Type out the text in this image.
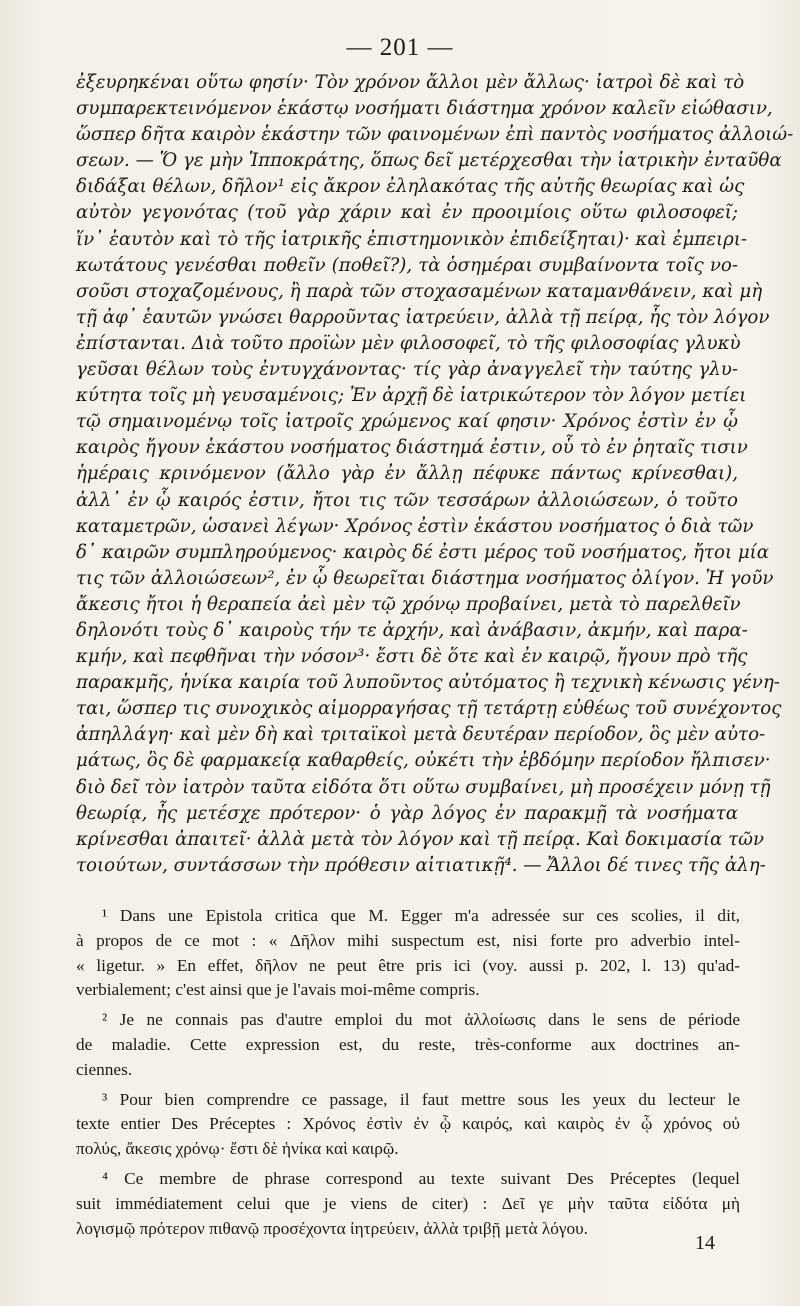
— 201 —
ἐξευρηκέναι οὕτω φησίν· Τὸν χρόνον ἄλλοι μὲν ἄλλως· ἰατροὶ δὲ καὶ τὸ
συμπαρεκτεινόμενον ἑκάστῳ νοσήματι διάστημα χρόνον καλεῖν εἰώθασιν,
ὥσπερ δῆτα καιρὸν ἑκάστην τῶν φαινομένων ἐπὶ παντὸς νοσήματος ἀλλοιώ-
σεων. — Ὅ γε μὴν Ἱπποκράτης, ὅπως δεῖ μετέρχεσθαι τὴν ἰατρικὴν ἐνταῦθα
διδάξαι θέλων, δῆλον¹ εἰς ἄκρον ἐληλακότας τῆς αὐτῆς θεωρίας καὶ ὡς
αὐτὸν γεγονότας (τοῦ γὰρ χάριν καὶ ἐν προοιμίοις οὕτω φιλοσοφεῖ;
ἵν᾽ ἑαυτὸν καὶ τὸ τῆς ἰατρικῆς ἐπιστημονικὸν ἐπιδείξηται)· καὶ ἐμπειρι-
κωτάτους γενέσθαι ποθεῖν (ποθεῖ?), τὰ ὁσημέραι συμβαίνοντα τοῖς νο-
σοῦσι στοχαζομένους, ἢ παρὰ τῶν στοχασαμένων καταμανθάνειν, καὶ μὴ
τῇ ἀφ᾽ ἑαυτῶν γνώσει θαρροῦντας ἰατρεύειν, ἀλλὰ τῇ πείρᾳ, ἧς τὸν λόγον
ἐπίστανται. Διὰ τοῦτο προϊὼν μὲν φιλοσοφεῖ, τὸ τῆς φιλοσοφίας γλυκὺ
γεῦσαι θέλων τοὺς ἐντυγχάνοντας· τίς γὰρ ἀναγγελεῖ τὴν ταύτης γλυ-
κύτητα τοῖς μὴ γευσαμένοις; Ἐν ἀρχῇ δὲ ἰατρικώτερον τὸν λόγον μετίει
τῷ σημαινομένῳ τοῖς ἰατροῖς χρώμενος καί φησιν· Χρόνος ἐστὶν ἐν ᾧ
καιρὸς ἤγουν ἑκάστου νοσήματος διάστημά ἐστιν, οὗ τὸ ἐν ῥηταῖς τισιν
ἡμέραις κρινόμενον (ἄλλο γὰρ ἐν ἄλλῃ πέφυκε πάντως κρίνεσθαι),
ἀλλ᾽ ἐν ᾧ καιρός ἐστιν, ἤτοι τις τῶν τεσσάρων ἀλλοιώσεων, ὁ τοῦτο
καταμετρῶν, ὡσανεὶ λέγων· Χρόνος ἐστὶν ἑκάστου νοσήματος ὁ διὰ τῶν
δ᾽ καιρῶν συμπληρούμενος· καιρὸς δέ ἐστι μέρος τοῦ νοσήματος, ἤτοι μία
τις τῶν ἀλλοιώσεων², ἐν ᾧ θεωρεῖται διάστημα νοσήματος ὀλίγον. Ἡ γοῦν
ἄκεσις ἤτοι ἡ θεραπεία ἀεὶ μὲν τῷ χρόνῳ προβαίνει, μετὰ τὸ παρελθεῖν
δηλονότι τοὺς δ᾽ καιροὺς τήν τε ἀρχήν, καὶ ἀνάβασιν, ἀκμήν, καὶ παρα-
κμήν, καὶ πεφθῆναι τὴν νόσον³· ἔστι δὲ ὅτε καὶ ἐν καιρῷ, ἤγουν πρὸ τῆς
παρακμῆς, ἡνίκα καιρία τοῦ λυποῦντος αὐτόματος ἢ τεχνικὴ κένωσις γένη-
ται, ὥσπερ τις συνοχικὸς αἱμορραγήσας τῇ τετάρτῃ εὐθέως τοῦ συνέχοντος
ἀπηλλάγη· καὶ μὲν δὴ καὶ τριταϊκοὶ μετὰ δευτέραν περίοδον, ὃς μὲν αὐτο-
μάτως, ὃς δὲ φαρμακείᾳ καθαρθείς, οὐκέτι τὴν ἑβδόμην περίοδον ἤλπισεν·
διὸ δεῖ τὸν ἰατρὸν ταῦτα εἰδότα ὅτι οὕτω συμβαίνει, μὴ προσέχειν μόνῃ τῇ
θεωρίᾳ, ἧς μετέσχε πρότερον· ὁ γὰρ λόγος ἐν παρακμῇ τὰ νοσήματα
κρίνεσθαι ἀπαιτεῖ· ἀλλὰ μετὰ τὸν λόγον καὶ τῇ πείρᾳ. Καὶ δοκιμασία τῶν
τοιούτων, συντάσσων τὴν πρόθεσιν αἰτιατικῇ⁴. — Ἄλλοι δέ τινες τῆς ἀλη-
¹ Dans une Epistola critica que M. Egger m'a adressée sur ces scolies, il dit,
à propos de ce mot : « Δῆλον mihi suspectum est, nisi forte pro adverbio intel-
« ligetur. » En effet, δῆλον ne peut être pris ici (voy. aussi p. 202, l. 13) qu'ad-
verbialement; c'est ainsi que je l'avais moi-même compris.
² Je ne connais pas d'autre emploi du mot ἀλλοίωσις dans le sens de période
de maladie. Cette expression est, du reste, très-conforme aux doctrines an-
ciennes.
³ Pour bien comprendre ce passage, il faut mettre sous les yeux du lecteur le
texte entier Des Préceptes : Χρόνος ἐστὶν ἐν ᾧ καιρός, καὶ καιρὸς ἐν ᾧ χρόνος οὐ
πολύς, ἄκεσις χρόνῳ· ἔστι δὲ ἡνίκα καὶ καιρῷ.
⁴ Ce membre de phrase correspond au texte suivant Des Préceptes (lequel
suit immédiatement celui que je viens de citer) : Δεῖ γε μὴν ταῦτα εἰδότα μὴ
λογισμῷ πρότερον πιθανῷ προσέχοντα ἰητρεύειν, ἀλλὰ τριβῇ μετὰ λόγου.
14
